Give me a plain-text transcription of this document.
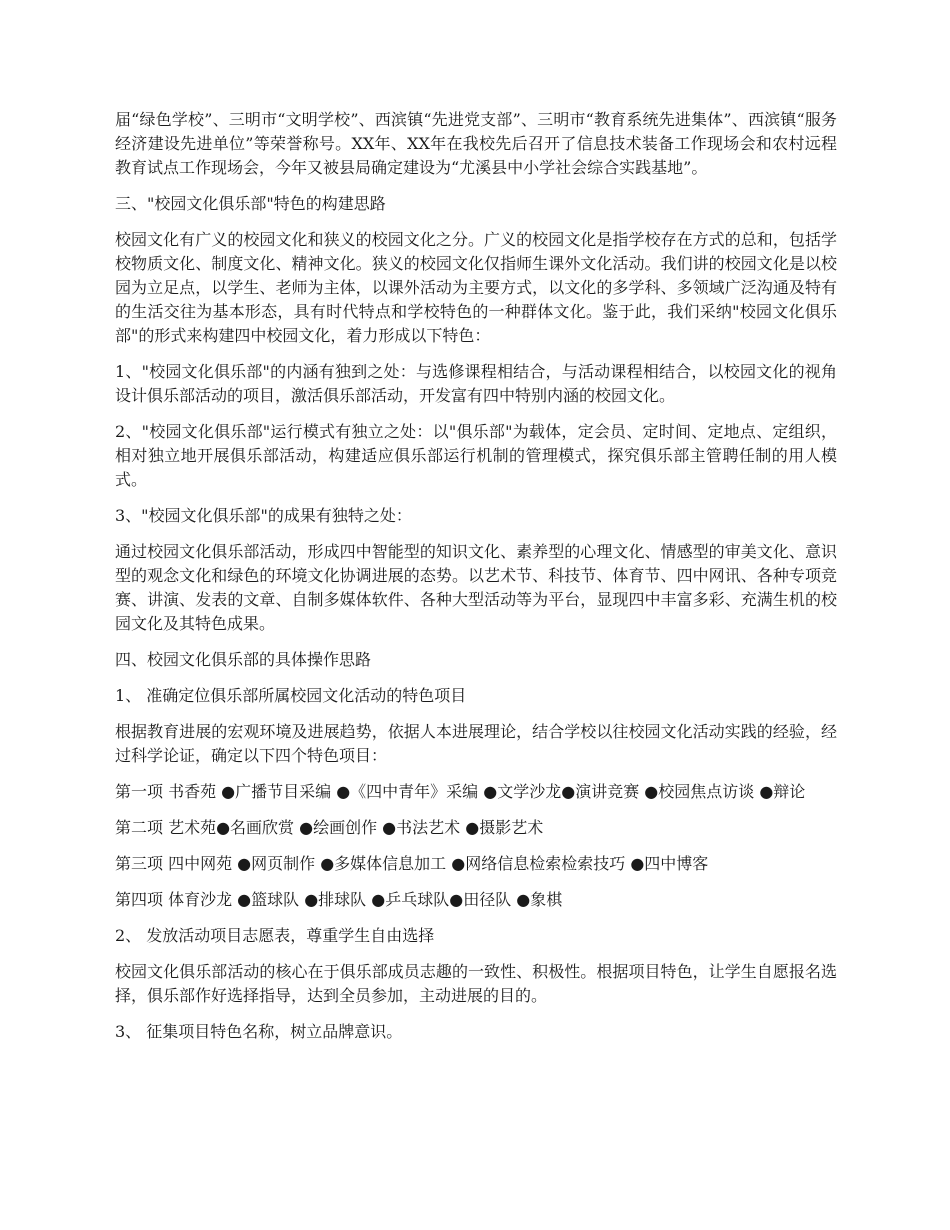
届“绿色学校”、三明市“文明学校”、西滨镇“先进党支部”、三明市“教育系统先进集体”、西滨镇“服务经济建设先进单位”等荣誉称号。XX年、XX年在我校先后召开了信息技术装备工作现场会和农村远程教育试点工作现场会，今年又被县局确定建设为“尤溪县中小学社会综合实践基地”。

三、"校园文化俱乐部"特色的构建思路

校园文化有广义的校园文化和狭义的校园文化之分。广义的校园文化是指学校存在方式的总和，包括学校物质文化、制度文化、精神文化。狭义的校园文化仅指师生课外文化活动。我们讲的校园文化是以校园为立足点，以学生、老师为主体，以课外活动为主要方式，以文化的多学科、多领域广泛沟通及特有的生活交往为基本形态，具有时代特点和学校特色的一种群体文化。鉴于此，我们采纳"校园文化俱乐部"的形式来构建四中校园文化，着力形成以下特色：

1、"校园文化俱乐部"的内涵有独到之处：与选修课程相结合，与活动课程相结合，以校园文化的视角设计俱乐部活动的项目，激活俱乐部活动，开发富有四中特别内涵的校园文化。

2、"校园文化俱乐部"运行模式有独立之处：以"俱乐部"为载体，定会员、定时间、定地点、定组织，相对独立地开展俱乐部活动，构建适应俱乐部运行机制的管理模式，探究俱乐部主管聘任制的用人模式。

3、"校园文化俱乐部"的成果有独特之处：

通过校园文化俱乐部活动，形成四中智能型的知识文化、素养型的心理文化、情感型的审美文化、意识型的观念文化和绿色的环境文化协调进展的态势。以艺术节、科技节、体育节、四中网讯、各种专项竞赛、讲演、发表的文章、自制多媒体软件、各种大型活动等为平台，显现四中丰富多彩、充满生机的校园文化及其特色成果。

四、校园文化俱乐部的具体操作思路

1、 准确定位俱乐部所属校园文化活动的特色项目

根据教育进展的宏观环境及进展趋势，依据人本进展理论，结合学校以往校园文化活动实践的经验，经过科学论证，确定以下四个特色项目：

第一项 书香苑 ●广播节目采编 ●《四中青年》采编 ●文学沙龙●演讲竞赛 ●校园焦点访谈 ●辩论

第二项 艺术苑●名画欣赏 ●绘画创作 ●书法艺术 ●摄影艺术

第三项 四中网苑 ●网页制作 ●多媒体信息加工 ●网络信息检索检索技巧 ●四中博客

第四项 体育沙龙 ●篮球队 ●排球队 ●乒乓球队●田径队 ●象棋

2、 发放活动项目志愿表，尊重学生自由选择

校园文化俱乐部活动的核心在于俱乐部成员志趣的一致性、积极性。根据项目特色，让学生自愿报名选择，俱乐部作好选择指导，达到全员参加，主动进展的目的。

3、 征集项目特色名称，树立品牌意识。
